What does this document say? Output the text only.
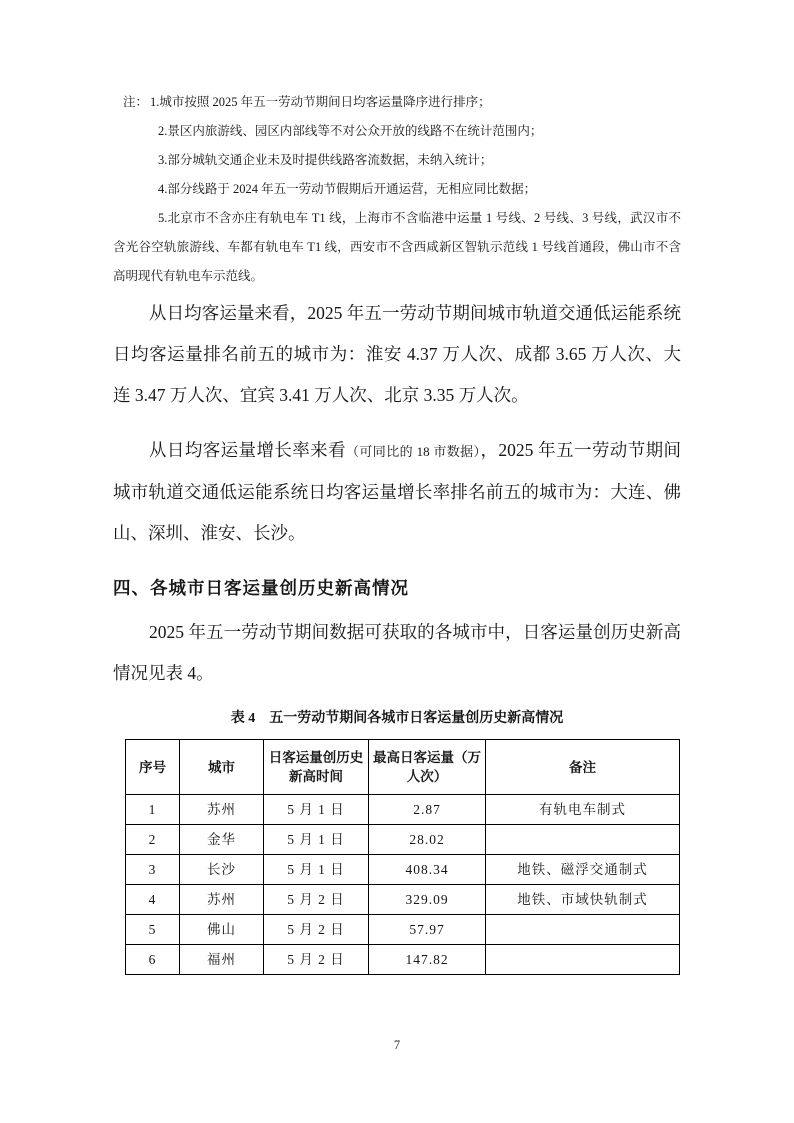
注： 1.城市按照 2025 年五一劳动节期间日均客运量降序进行排序；
2.景区内旅游线、园区内部线等不对公众开放的线路不在统计范围内；
3.部分城轨交通企业未及时提供线路客流数据，未纳入统计；
4.部分线路于 2024 年五一劳动节假期后开通运营，无相应同比数据；
5.北京市不含亦庄有轨电车 T1 线，上海市不含临港中运量 1 号线、2 号线、3 号线，武汉市不含光谷空轨旅游线、车都有轨电车 T1 线，西安市不含西咸新区智轨示范线 1 号线首通段，佛山市不含高明现代有轨电车示范线。

从日均客运量来看，2025 年五一劳动节期间城市轨道交通低运能系统日均客运量排名前五的城市为：淮安 4.37 万人次、成都 3.65 万人次、大连 3.47 万人次、宜宾 3.41 万人次、北京 3.35 万人次。

从日均客运量增长率来看（可同比的 18 市数据），2025 年五一劳动节期间城市轨道交通低运能系统日均客运量增长率排名前五的城市为：大连、佛山、深圳、淮安、长沙。

四、各城市日客运量创历史新高情况

2025 年五一劳动节期间数据可获取的各城市中，日客运量创历史新高情况见表 4。

表 4 五一劳动节期间各城市日客运量创历史新高情况
序号	城市	日客运量创历史新高时间	最高日客运量（万人次）	备注
1	苏州	5 月 1 日	2.87	有轨电车制式
2	金华	5 月 1 日	28.02	
3	长沙	5 月 1 日	408.34	地铁、磁浮交通制式
4	苏州	5 月 2 日	329.09	地铁、市域快轨制式
5	佛山	5 月 2 日	57.97	
6	福州	5 月 2 日	147.82	
7
